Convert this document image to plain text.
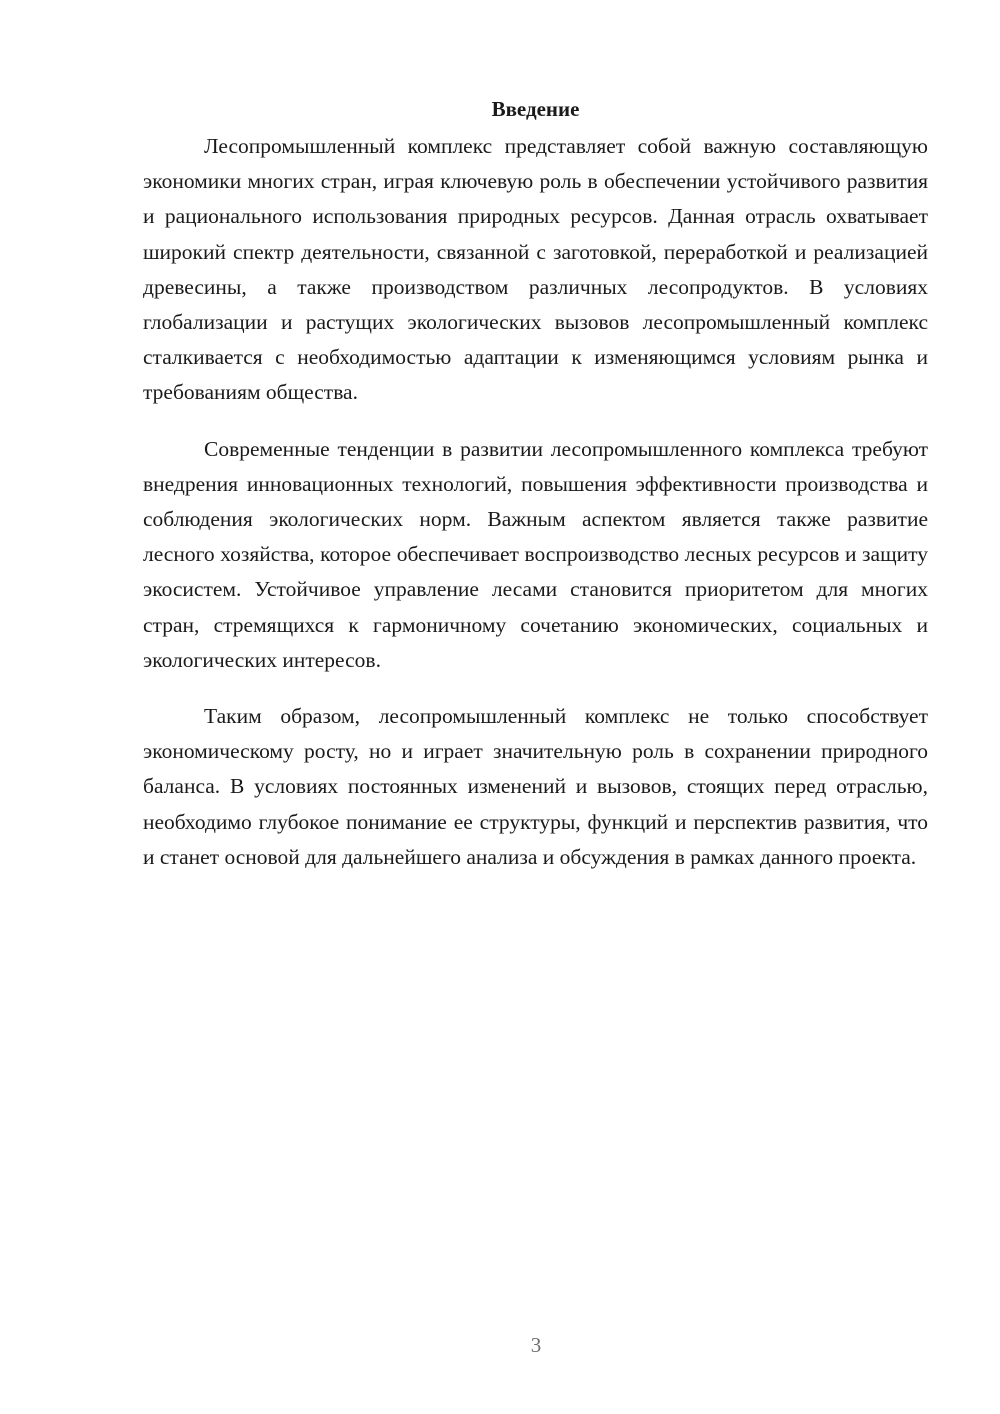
Введение

Лесопромышленный комплекс представляет собой важную составляющую экономики многих стран, играя ключевую роль в обеспечении устойчивого развития и рационального использования природных ресурсов. Данная отрасль охватывает широкий спектр деятельности, связанной с заготовкой, переработкой и реализацией древесины, а также производством различных лесопродуктов. В условиях глобализации и растущих экологических вызовов лесопромышленный комплекс сталкивается с необходимостью адаптации к изменяющимся условиям рынка и требованиям общества.

Современные тенденции в развитии лесопромышленного комплекса требуют внедрения инновационных технологий, повышения эффективности производства и соблюдения экологических норм. Важным аспектом является также развитие лесного хозяйства, которое обеспечивает воспроизводство лесных ресурсов и защиту экосистем. Устойчивое управление лесами становится приоритетом для многих стран, стремящихся к гармоничному сочетанию экономических, социальных и экологических интересов.

Таким образом, лесопромышленный комплекс не только способствует экономическому росту, но и играет значительную роль в сохранении природного баланса. В условиях постоянных изменений и вызовов, стоящих перед отраслью, необходимо глубокое понимание ее структуры, функций и перспектив развития, что и станет основой для дальнейшего анализа и обсуждения в рамках данного проекта.

3
